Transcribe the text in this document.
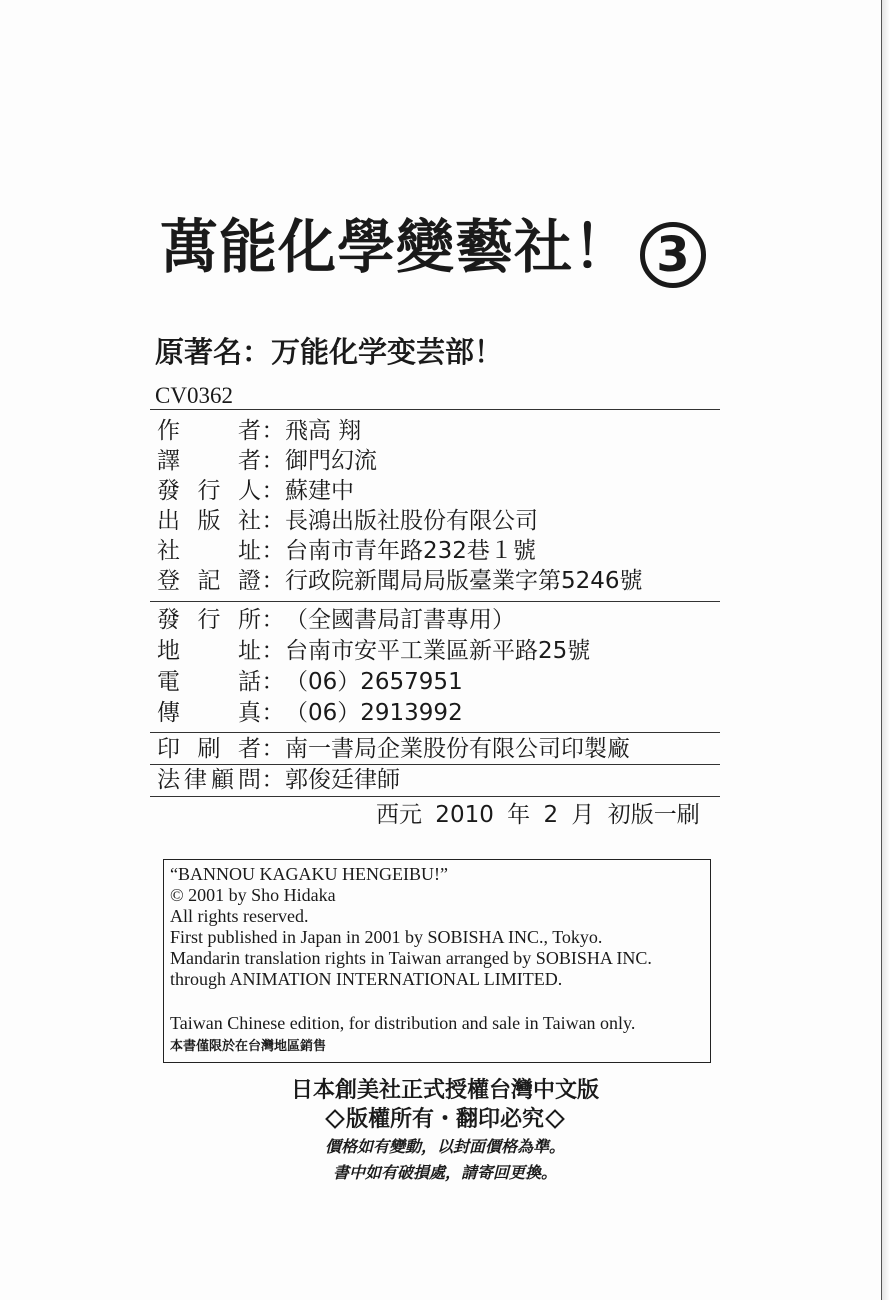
萬能化學變藝社！ 3
原著名：万能化学变芸部！
CV0362
作者：飛高 翔
譯者：御門幻流
發行人：蘇建中
出版社：長鴻出版社股份有限公司
社址：台南市青年路232巷１號
登記證：行政院新聞局局版臺業字第5246號
發行所：（全國書局訂書專用）
地址：台南市安平工業區新平路25號
電話：（06）2657951
傳真：（06）2913992
印刷者：南一書局企業股份有限公司印製廠
法律顧問：郭俊廷律師
西元 2010 年 2 月 初版一刷
“BANNOU KAGAKU HENGEIBU!”
© 2001 by Sho Hidaka
All rights reserved.
First published in Japan in 2001 by SOBISHA INC., Tokyo.
Mandarin translation rights in Taiwan arranged by SOBISHA INC.
through ANIMATION INTERNATIONAL LIMITED.
Taiwan Chinese edition, for distribution and sale in Taiwan only.
本書僅限於在台灣地區銷售
日本創美社正式授權台灣中文版
版權所有・翻印必究
價格如有變動，以封面價格為準。
書中如有破損處，請寄回更換。
